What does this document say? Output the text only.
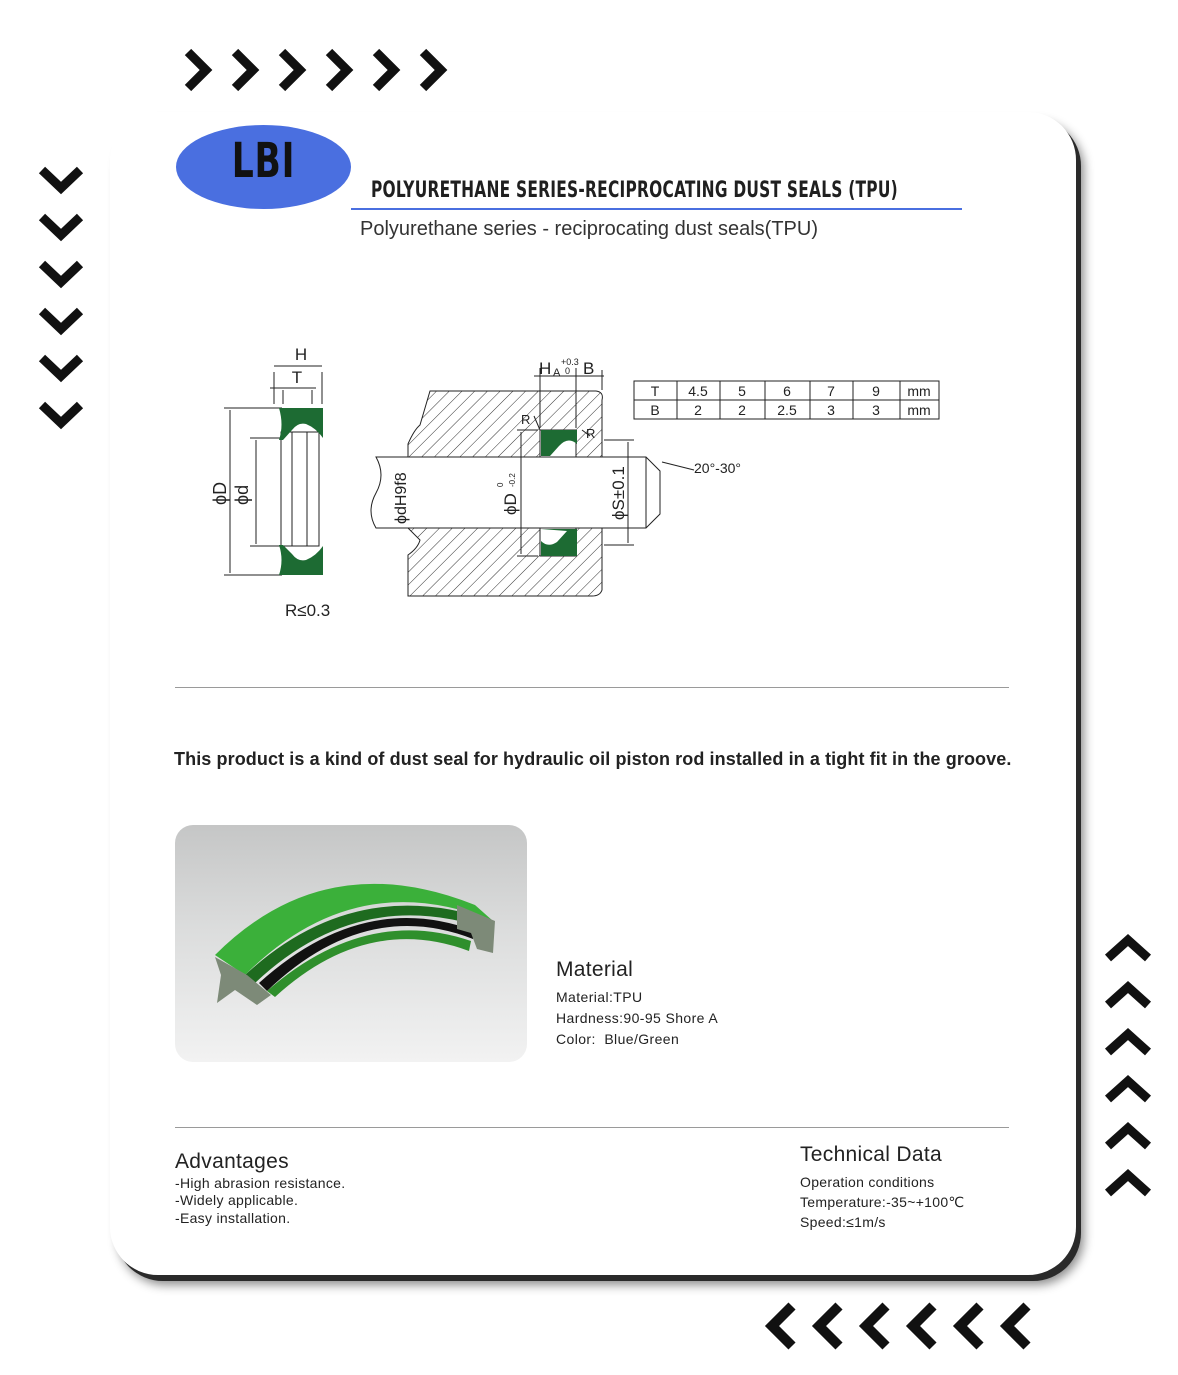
LBI
POLYURETHANE SERIES-RECIPROCATING DUST SEALS (TPU)
Polyurethane series - reciprocating dust seals(TPU)
H
T
ϕD ϕd
R≤0.3
H A
+0.3
0 B
R
R
ϕdH9f8	ϕD
0 -0.2	ϕS±0.1	20°-30°
T 4.5 5	6	7	9 mm
B 2	2 2.5 3	3 mm
This product is a kind of dust seal for hydraulic oil piston rod installed in a tight fit in the groove.
Material
Material:TPU
Hardness:90-95 Shore A
Color:  Blue/Green
Advantages
-High abrasion resistance.
-Widely applicable.
-Easy installation.
Technical Data
Operation conditions
Temperature:-35~+100℃
Speed:≤1m/s
